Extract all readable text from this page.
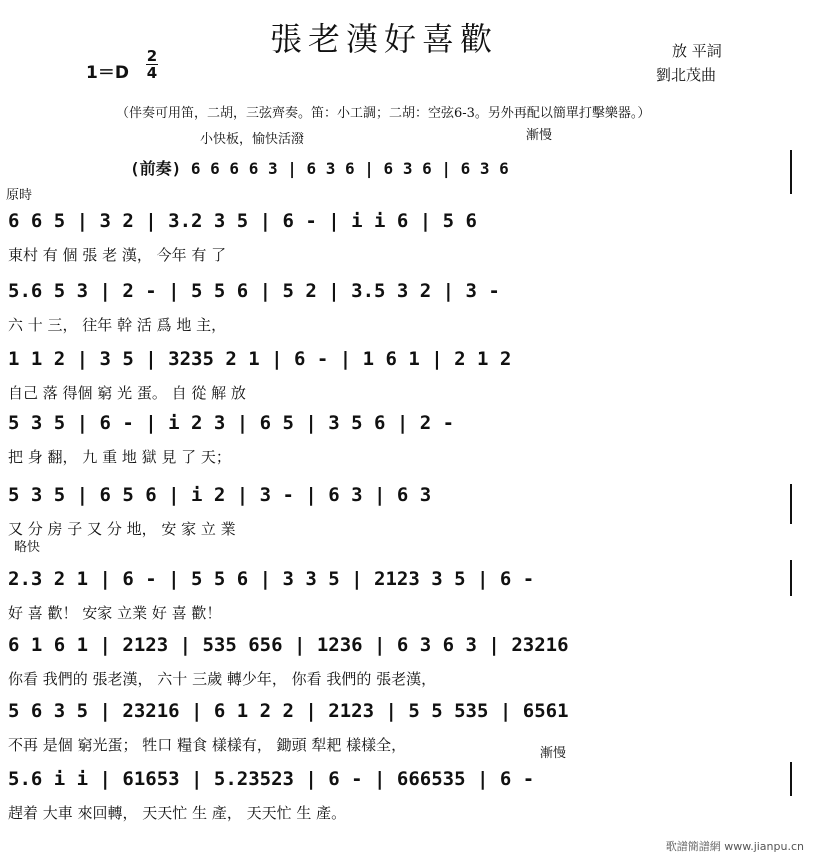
張老漢好喜歡	放 平詞
劉北茂曲
1＝D
2
4
（伴奏可用笛，二胡，三弦齊奏。笛：小工調；二胡：空弦6-3。另外再配以簡單打擊樂器。）
小快板，愉快活潑	漸慢
原時
略快
漸慢
(前奏) 6 6 6 6 3 | 6 3 6 | 6 3 6 | 6 3 6
6 6 5 | 3 2 | 3.2 3 5 | 6 - | i i 6 | 5 6
東村 有 個 張 老 漢， 今年 有 了
5.6 5 3 | 2 - | 5 5 6 | 5 2 | 3.5 3 2 | 3 -
六 十 三， 往年 幹 活 爲 地 主，
1 1 2 | 3 5 | 3235 2 1 | 6 - | 1 6 1 | 2 1 2
自己 落 得個 窮 光 蛋。 自 從 解 放
5 3 5 | 6 - | i 2 3 | 6 5 | 3 5 6 | 2 -
把 身 翻， 九 重 地 獄 見 了 天；
5 3 5 | 6 5 6 | i 2 | 3 - | 6 3 | 6 3
又 分 房 子 又 分 地， 安 家 立 業
2.3 2 1 | 6 - | 5 5 6 | 3 3 5 | 2123 3 5 | 6 -
好 喜 歡！ 安家 立業 好 喜 歡！
6 1 6 1 | 2123 | 535 656 | 1236 | 6 3 6 3 | 23216
你看 我們的 張老漢， 六十 三歲 轉少年， 你看 我們的 張老漢，
5 6 3 5 | 23216 | 6 1 2 2 | 2123 | 5 5 535 | 6561
不再 是個 窮光蛋； 牲口 糧食 樣樣有， 鋤頭 犁耙 樣樣全，
5.6 i i | 61653 | 5.23523 | 6 - | 666535 | 6 -
趕着 大車 來回轉， 天天忙 生 產， 天天忙 生 產。
歌譜簡譜網 www.jianpu.cn
